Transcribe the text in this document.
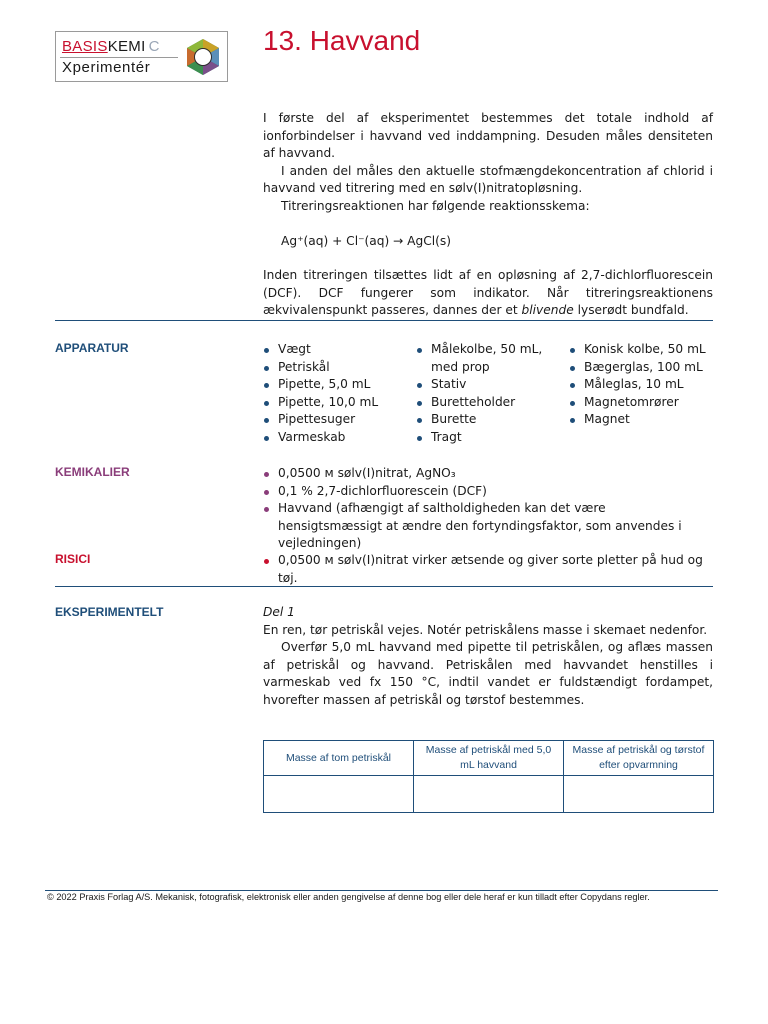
BASISKEMI C
Xperimentér
13. Havvand

I første del af eksperimentet bestemmes det totale indhold af ionforbindelser i havvand ved inddampning. Desuden måles densiteten af havvand.

I anden del måles den aktuelle stofmængdekoncentration af chlorid i havvand ved titrering med en sølv(I)nitratopløsning.

Titreringsreaktionen har følgende reaktionsskema:

Ag⁺(aq) + Cl⁻(aq) → AgCl(s)

Inden titreringen tilsættes lidt af en opløsning af 2,7-dichlorfluorescein (DCF). DCF fungerer som indikator. Når titreringsreaktionens ækvivalenspunkt passeres, dannes der et blivende lyserødt bundfald.

APPARATUR	Vægt
Petriskål
Pipette, 5,0 mL
Pipette, 10,0 mL
Pipettesuger
Varmeskab
Målekolbe, 50 mL,
med prop
Stativ
Buretteholder
Burette
Tragt
Konisk kolbe, 50 mL
Bægerglas, 100 mL
Måleglas, 10 mL
Magnetomrører
Magnet
KEMIKALIER	0,0500 ᴍ sølv(I)nitrat, AgNO₃
0,1 % 2,7-dichlorfluorescein (DCF)
Havvand (afhængigt af saltholdigheden kan det være hensigtsmæssigt at ændre den fortyndingsfaktor, som anvendes i vejledningen)
RISICI	0,0500 ᴍ sølv(I)nitrat virker ætsende og giver sorte pletter på hud og tøj.
EKSPERIMENTELT	Del 1

En ren, tør petriskål vejes. Notér petriskålens masse i skemaet nedenfor.

Overfør 5,0 mL havvand med pipette til petriskålen, og aflæs massen af petriskål og havvand. Petriskålen med havvandet henstilles i varmeskab ved fx 150 °C, indtil vandet er fuldstændigt fordampet, hvorefter massen af petriskål og tørstof bestemmes.

Masse af tom petriskål	Masse af petriskål med 5,0 mL havvand	Masse af petriskål og tørstof efter opvarmning

© 2022 Praxis Forlag A/S. Mekanisk, fotografisk, elektronisk eller anden gengivelse af denne bog eller dele heraf er kun tilladt efter Copydans regler.
